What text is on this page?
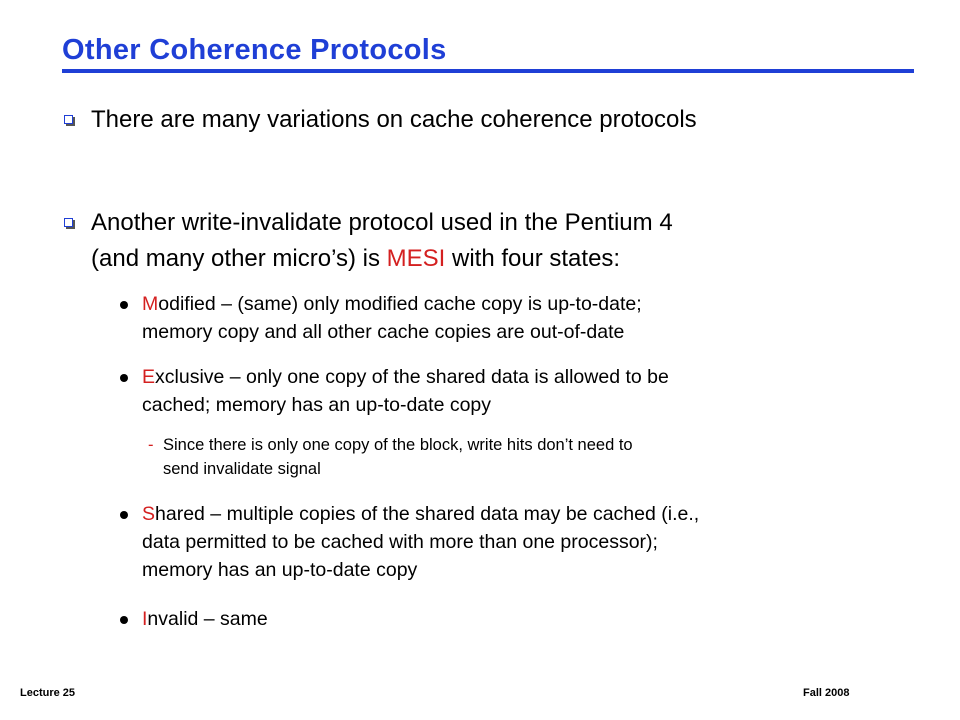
Other Coherence Protocols
There are many variations on cache coherence protocols
Another write-invalidate protocol used in the Pentium 4
(and many other micro’s) is MESI with four states:
Modified – (same) only modified cache copy is up-to-date;
memory copy and all other cache copies are out-of-date
Exclusive – only one copy of the shared data is allowed to be
cached; memory has an up-to-date copy
- Since there is only one copy of the block, write hits don’t need to
send invalidate signal
Shared – multiple copies of the shared data may be cached (i.e.,
data permitted to be cached with more than one processor);
memory has an up-to-date copy
Invalid – same
Lecture 25	Fall 2008
